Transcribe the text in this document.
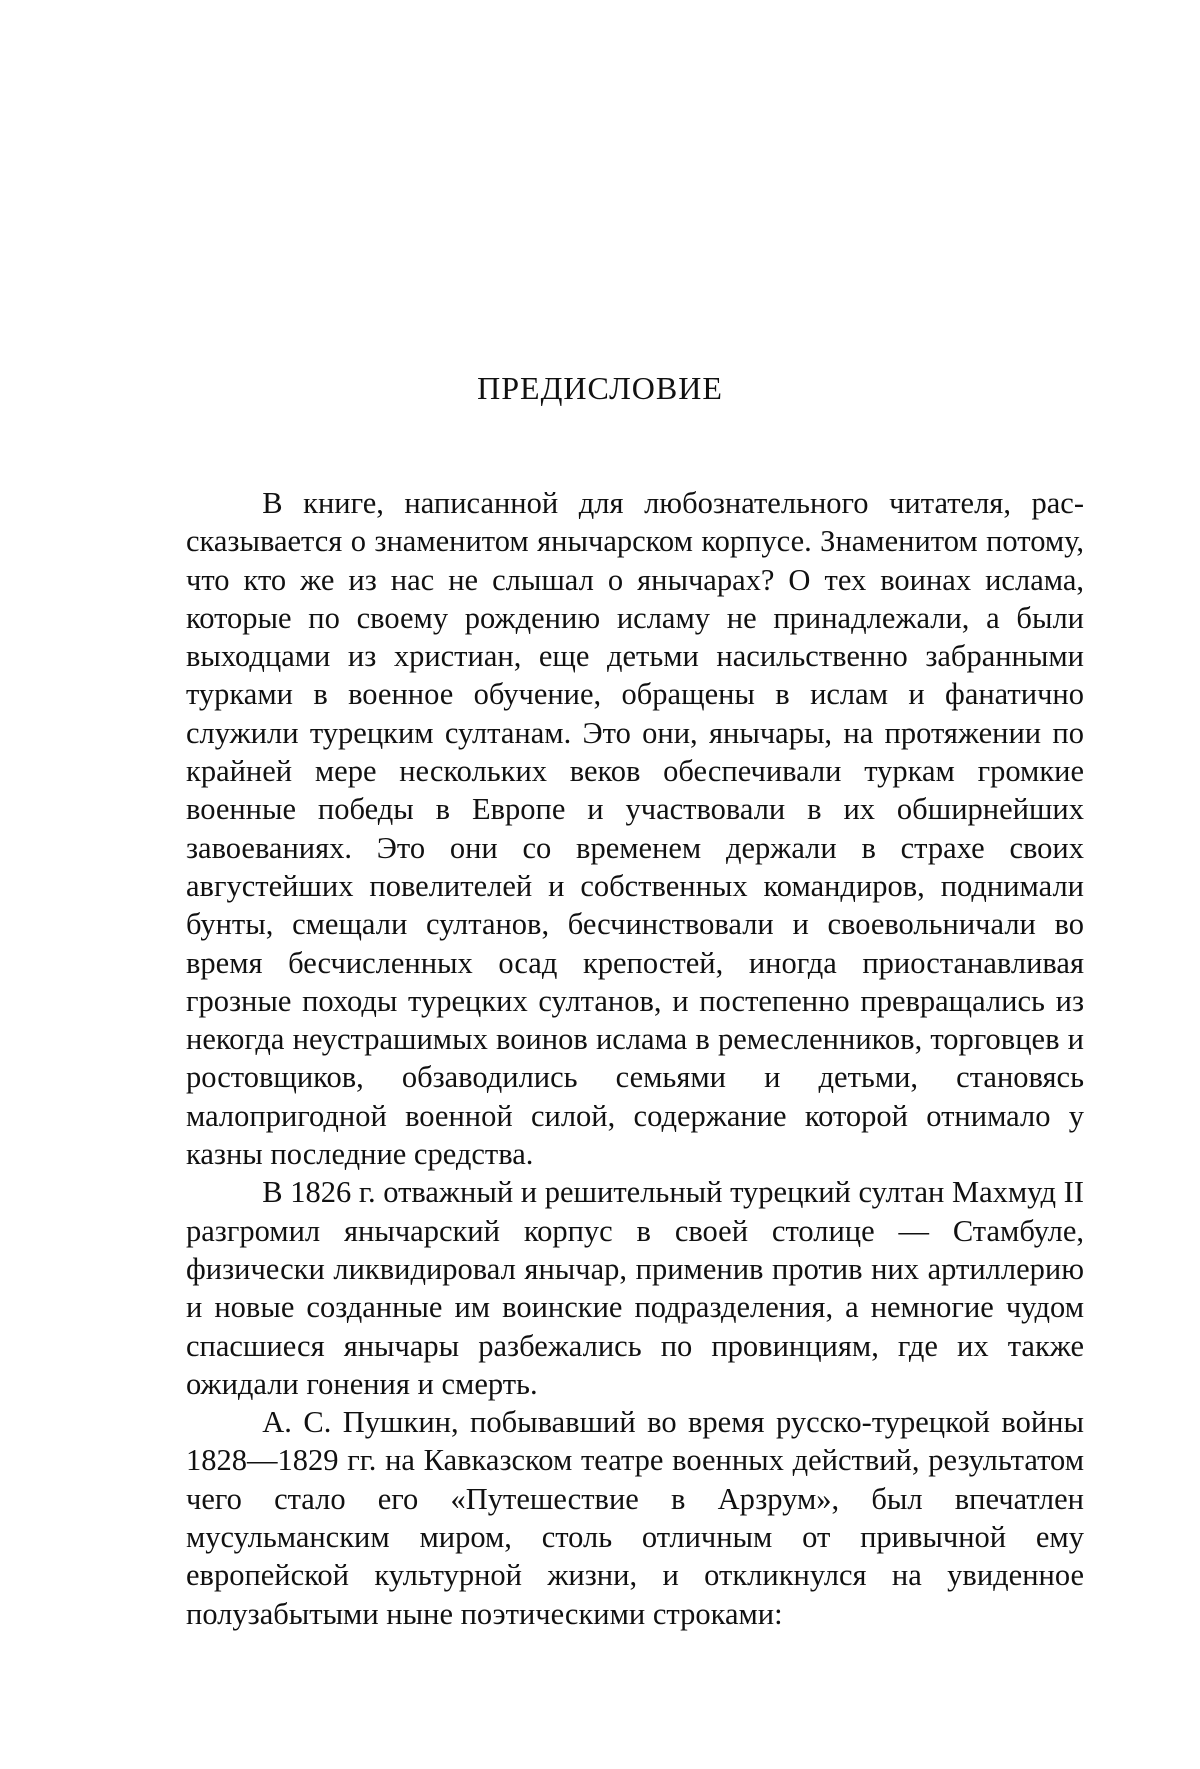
ПРЕДИСЛОВИЕ

В книге, написанной для любознательного читателя, рассказывается о знаменитом янычарском корпусе. Знаменитом потому, что кто же из нас не слышал о янычарах? О тех воинах ислама, которые по своему рождению исламу не принадлежали, а были выходцами из христиан, еще детьми насильственно забранными турками в военное обучение, обращены в ислам и фанатично служили турецким султанам. Это они, янычары, на протяжении по крайней мере нескольких веков обеспечивали туркам громкие военные победы в Европе и участвовали в их обширнейших завоеваниях. Это они со временем держали в страхе своих августейших повелителей и собственных командиров, поднимали бунты, смещали султанов, бесчинствовали и своевольничали во время бесчисленных осад крепостей, иногда приостанавливая грозные походы турецких султанов, и постепенно превращались из некогда неустрашимых воинов ислама в ремесленников, торговцев и ростовщиков, обзаводились семьями и детьми, становясь малопригодной военной силой, содержание которой отнимало у казны последние средства.

В 1826 г. отважный и решительный турецкий султан Махмуд II разгромил янычарский корпус в своей столице — Стамбуле, физически ликвидировал янычар, применив против них артиллерию и новые созданные им воинские подразделения, а немногие чудом спасшиеся янычары разбежались по провинциям, где их также ожидали гонения и смерть.

А. С. Пушкин, побывавший во время русско-турецкой войны 1828—1829 гг. на Кавказском театре военных действий, результатом чего стало его «Путешествие в Арзрум», был впечатлен мусульманским миром, столь отличным от привычной ему европейской культурной жизни, и откликнулся на увиденное полузабытыми ныне поэтическими строками:
